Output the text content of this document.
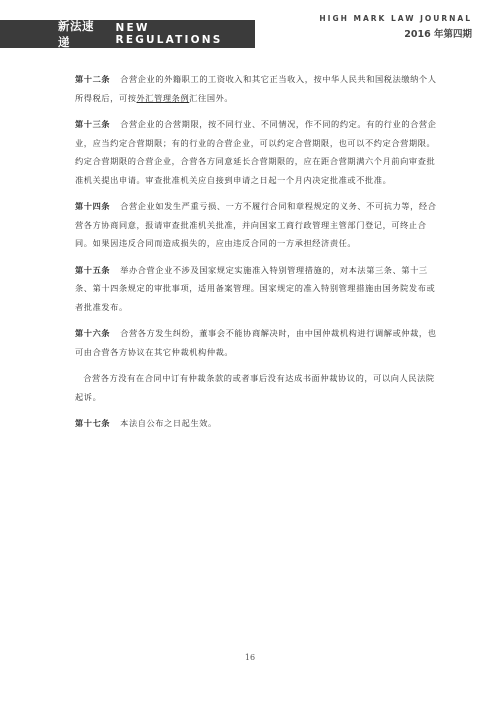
新法速递
NEW REGULATIONS
HIGH MARK LAW JOURNAL
2016 年第四期

第十二条 合营企业的外籍职工的工资收入和其它正当收入，按中华人民共和国税法缴纳个人所得税后，可按外汇管理条例汇往国外。

第十三条 合营企业的合营期限，按不同行业、不同情况，作不同的约定。有的行业的合营企业，应当约定合营期限；有的行业的合营企业，可以约定合营期限，也可以不约定合营期限。约定合营期限的合营企业，合营各方同意延长合营期限的，应在距合营期满六个月前向审查批准机关提出申请。审查批准机关应自接到申请之日起一个月内决定批准或不批准。

第十四条 合营企业如发生严重亏损、一方不履行合同和章程规定的义务、不可抗力等，经合营各方协商同意，报请审查批准机关批准，并向国家工商行政管理主管部门登记，可终止合同。如果因违反合同而造成损失的，应由违反合同的一方承担经济责任。

第十五条 举办合营企业不涉及国家规定实施准入特别管理措施的，对本法第三条、第十三条、第十四条规定的审批事项，适用备案管理。国家规定的准入特别管理措施由国务院发布或者批准发布。

第十六条 合营各方发生纠纷，董事会不能协商解决时，由中国仲裁机构进行调解或仲裁，也可由合营各方协议在其它仲裁机构仲裁。

合营各方没有在合同中订有仲裁条款的或者事后没有达成书面仲裁协议的，可以向人民法院起诉。

第十七条 本法自公布之日起生效。

16
